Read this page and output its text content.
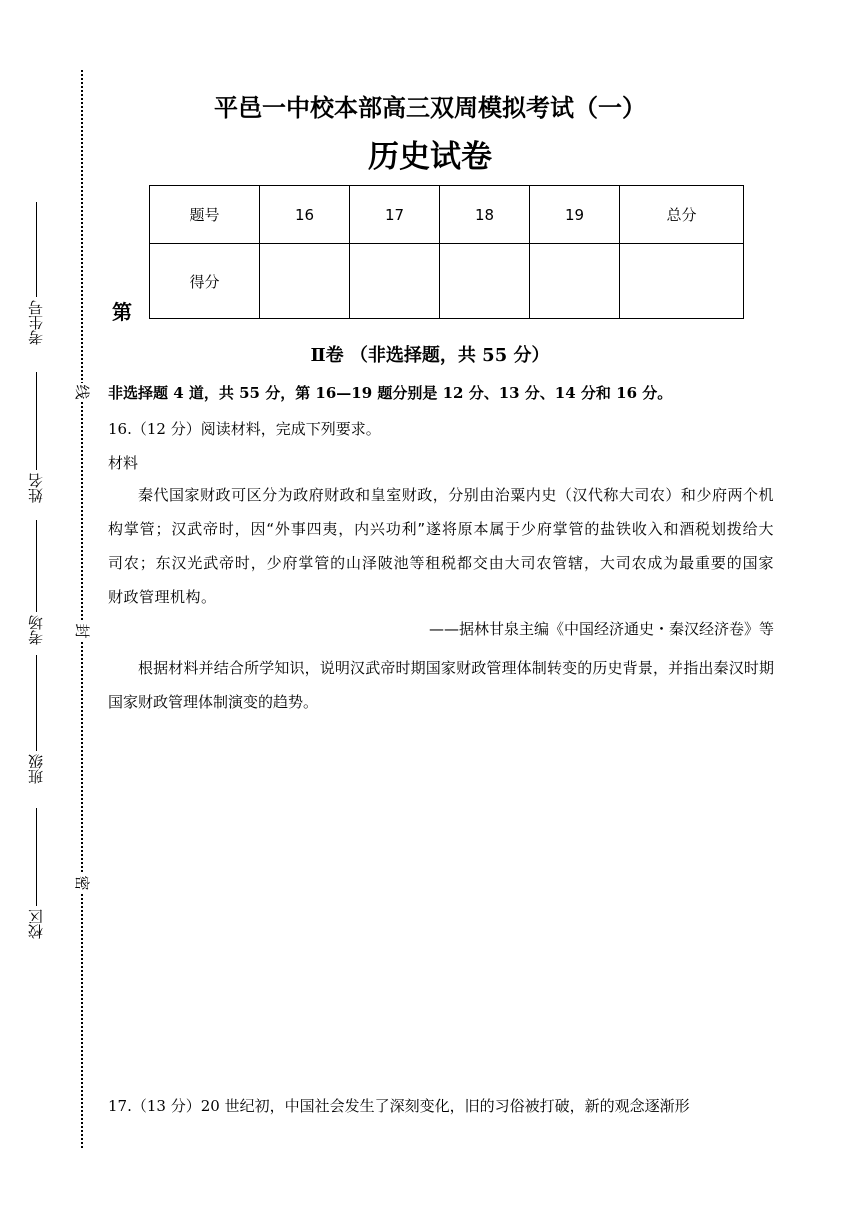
线
封
密
考生号
姓名
考场
班级
校区
平邑一中校本部高三双周模拟考试（一）
历史试卷
第
题号	16	17	18	19	总分
得分					
Ⅱ卷 （非选择题，共 55 分）
非选择题 4 道，共 55 分，第 16—19 题分别是 12 分、13 分、14 分和 16 分。
16.（12 分）阅读材料，完成下列要求。
材料
秦代国家财政可区分为政府财政和皇室财政，分别由治粟内史（汉代称大司农）和少府两个机构掌管；汉武帝时，因“外事四夷，内兴功利”遂将原本属于少府掌管的盐铁收入和酒税划拨给大司农；东汉光武帝时，少府掌管的山泽陂池等租税都交由大司农管辖，大司农成为最重要的国家财政管理机构。
——据林甘泉主编《中国经济通史・秦汉经济卷》等
根据材料并结合所学知识，说明汉武帝时期国家财政管理体制转变的历史背景，并指出秦汉时期国家财政管理体制演变的趋势。
17.（13 分）20 世纪初，中国社会发生了深刻变化，旧的习俗被打破，新的观念逐渐形
